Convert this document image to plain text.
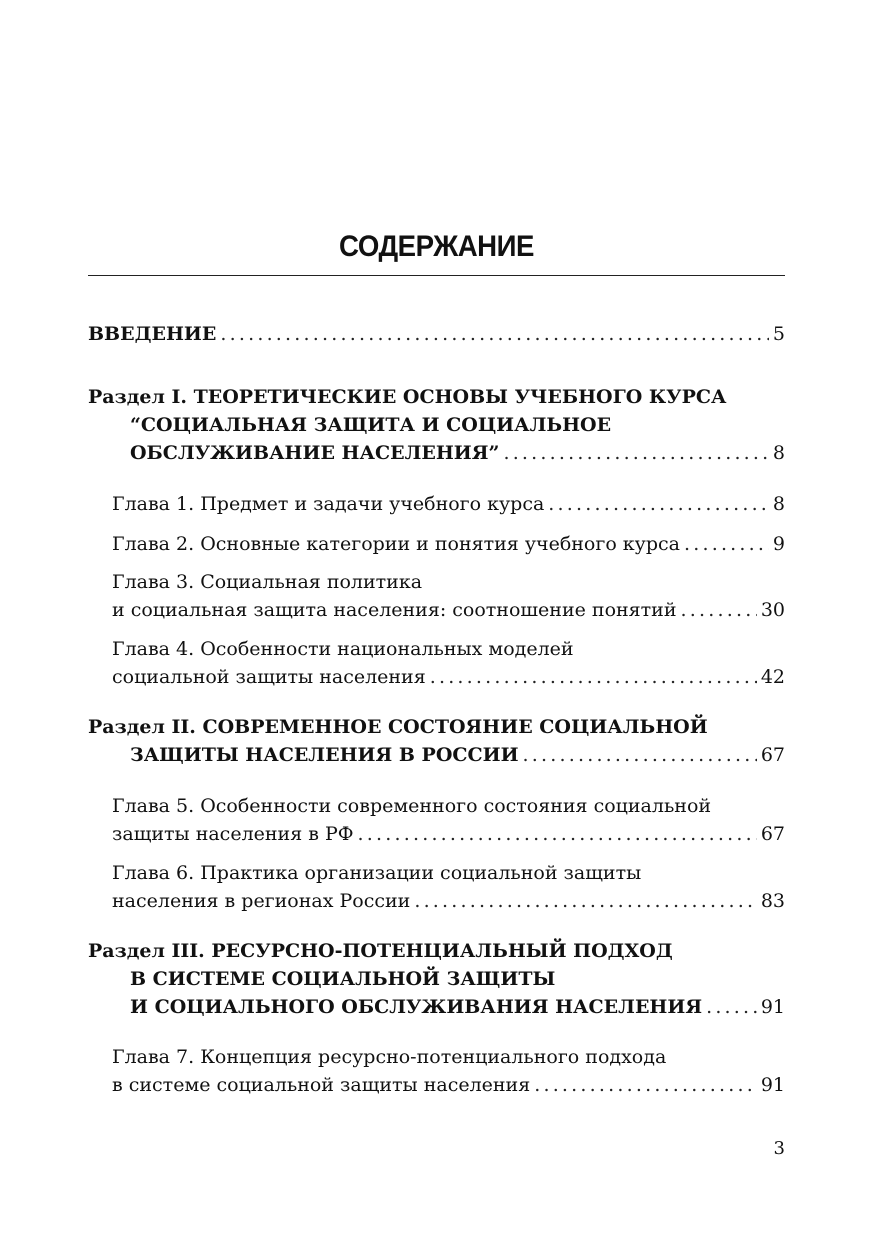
СОДЕРЖАНИЕ
ВВЕДЕНИЕ .....	5
Раздел I. ТЕОРЕТИЧЕСКИЕ ОСНОВЫ УЧЕБНОГО КУРСА
“СОЦИАЛЬНАЯ ЗАЩИТА И СОЦИАЛЬНОЕ
ОБСЛУЖИВАНИЕ НАСЕЛЕНИЯ” .....	8
Глава 1. Предмет и задачи учебного курса .....	8
Глава 2. Основные категории и понятия учебного курса .....	9
Глава 3. Социальная политика
и социальная защита населения: соотношение понятий .....	30
Глава 4. Особенности национальных моделей
социальной защиты населения .....	42
Раздел II. СОВРЕМЕННОЕ СОСТОЯНИЕ СОЦИАЛЬНОЙ
ЗАЩИТЫ НАСЕЛЕНИЯ В РОССИИ .....	67
Глава 5. Особенности современного состояния социальной
защиты населения в РФ .....	67
Глава 6. Практика организации социальной защиты
населения в регионах России .....	83
Раздел III. РЕСУРСНО-ПОТЕНЦИАЛЬНЫЙ ПОДХОД
В СИСТЕМЕ СОЦИАЛЬНОЙ ЗАЩИТЫ
И СОЦИАЛЬНОГО ОБСЛУЖИВАНИЯ НАСЕЛЕНИЯ .....	91
Глава 7. Концепция ресурсно-потенциального подхода
в системе социальной защиты населения .....	91
3
